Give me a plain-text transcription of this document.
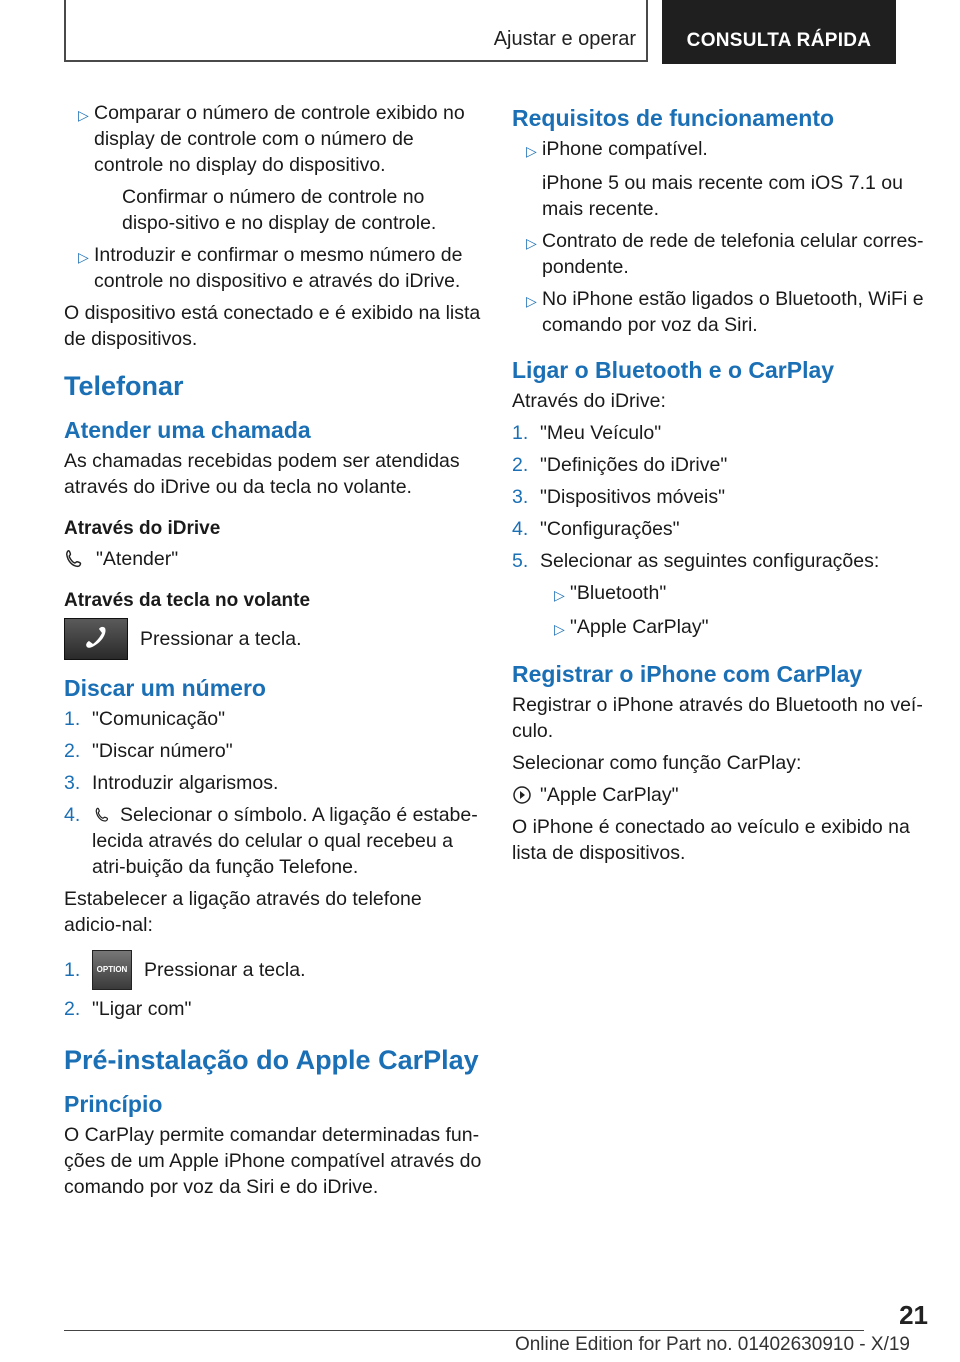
Ajustar e operar	CONSULTA RÁPIDA
▷ Comparar o número de controle exibido no display de controle com o número de controle no display do dispositivo.
Confirmar o número de controle no dispo‐sitivo e no display de controle.
▷ Introduzir e confirmar o mesmo número de controle no dispositivo e através do iDrive.
O dispositivo está conectado e é exibido na lista de dispositivos.
Telefonar
Atender uma chamada
As chamadas recebidas podem ser atendidas através do iDrive ou da tecla no volante.
Através do iDrive
"Atender"
Através da tecla no volante
Pressionar a tecla.
Discar um número
1. "Comunicação"
2. "Discar número"
3. Introduzir algarismos.
4.	Selecionar o símbolo. A ligação é estabe‐lecida através do celular o qual recebeu a atri‐buição da função Telefone.
Estabelecer a ligação através do telefone adicio‐nal:
1.	OPTION Pressionar a tecla.
2. "Ligar com"
Pré-instalação do Apple CarPlay
Princípio
O CarPlay permite comandar determinadas fun‐ções de um Apple iPhone compatível através do comando por voz da Siri e do iDrive.
Requisitos de funcionamento
▷ iPhone compatível.
iPhone 5 ou mais recente com iOS 7.1 ou mais recente.
▷ Contrato de rede de telefonia celular corres‐pondente.
▷ No iPhone estão ligados o Bluetooth, WiFi e comando por voz da Siri.
Ligar o Bluetooth e o CarPlay
Através do iDrive:
1. "Meu Veículo"
2. "Definições do iDrive"
3. "Dispositivos móveis"
4. "Configurações"
5. Selecionar as seguintes configurações:
▷ "Bluetooth"
▷ "Apple CarPlay"
Registrar o iPhone com CarPlay
Registrar o iPhone através do Bluetooth no veí‐culo.
Selecionar como função CarPlay:
"Apple CarPlay"
O iPhone é conectado ao veículo e exibido na lista de dispositivos.
21
Online Edition for Part no. 01402630910 - X/19
